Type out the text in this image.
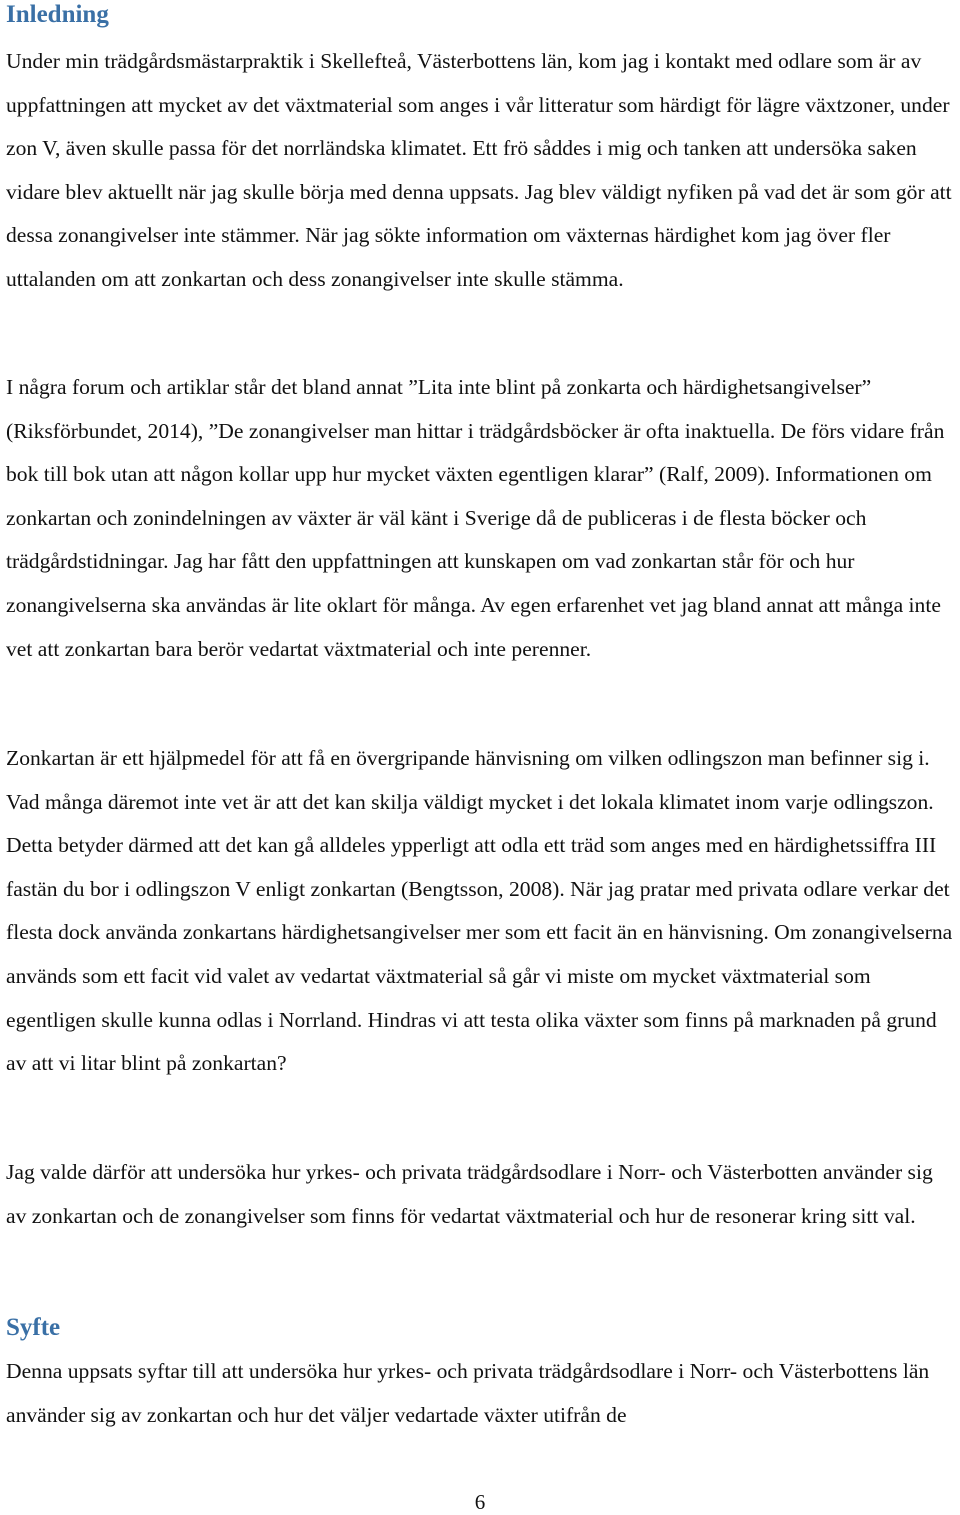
Inledning

Under min trädgårdsmästarpraktik i Skellefteå, Västerbottens län, kom jag i kontakt med odlare som är av uppfattningen att mycket av det växtmaterial som anges i vår litteratur som härdigt för lägre växtzoner, under zon V, även skulle passa för det norrländska klimatet. Ett frö såddes i mig och tanken att undersöka saken vidare blev aktuellt när jag skulle börja med denna uppsats. Jag blev väldigt nyfiken på vad det är som gör att dessa zonangivelser inte stämmer. När jag sökte information om växternas härdighet kom jag över fler uttalanden om att zonkartan och dess zonangivelser inte skulle stämma.

I några forum och artiklar står det bland annat ”Lita inte blint på zonkarta och härdighetsangivelser” (Riksförbundet, 2014), ”De zonangivelser man hittar i trädgårdsböcker är ofta inaktuella. De förs vidare från bok till bok utan att någon kollar upp hur mycket växten egentligen klarar” (Ralf, 2009). Informationen om zonkartan och zonindelningen av växter är väl känt i Sverige då de publiceras i de flesta böcker och trädgårdstidningar. Jag har fått den uppfattningen att kunskapen om vad zonkartan står för och hur zonangivelserna ska användas är lite oklart för många. Av egen erfarenhet vet jag bland annat att många inte vet att zonkartan bara berör vedartat växtmaterial och inte perenner.

Zonkartan är ett hjälpmedel för att få en övergripande hänvisning om vilken odlingszon man befinner sig i. Vad många däremot inte vet är att det kan skilja väldigt mycket i det lokala klimatet inom varje odlingszon. Detta betyder därmed att det kan gå alldeles ypperligt att odla ett träd som anges med en härdighetssiffra III fastän du bor i odlingszon V enligt zonkartan (Bengtsson, 2008). När jag pratar med privata odlare verkar det flesta dock använda zonkartans härdighetsangivelser mer som ett facit än en hänvisning. Om zonangivelserna används som ett facit vid valet av vedartat växtmaterial så går vi miste om mycket växtmaterial som egentligen skulle kunna odlas i Norrland. Hindras vi att testa olika växter som finns på marknaden på grund av att vi litar blint på zonkartan?

Jag valde därför att undersöka hur yrkes- och privata trädgårdsodlare i Norr- och Västerbotten använder sig av zonkartan och de zonangivelser som finns för vedartat växtmaterial och hur de resonerar kring sitt val.

Syfte

Denna uppsats syftar till att undersöka hur yrkes- och privata trädgårdsodlare i Norr- och Västerbottens län använder sig av zonkartan och hur det väljer vedartade växter utifrån de

6
